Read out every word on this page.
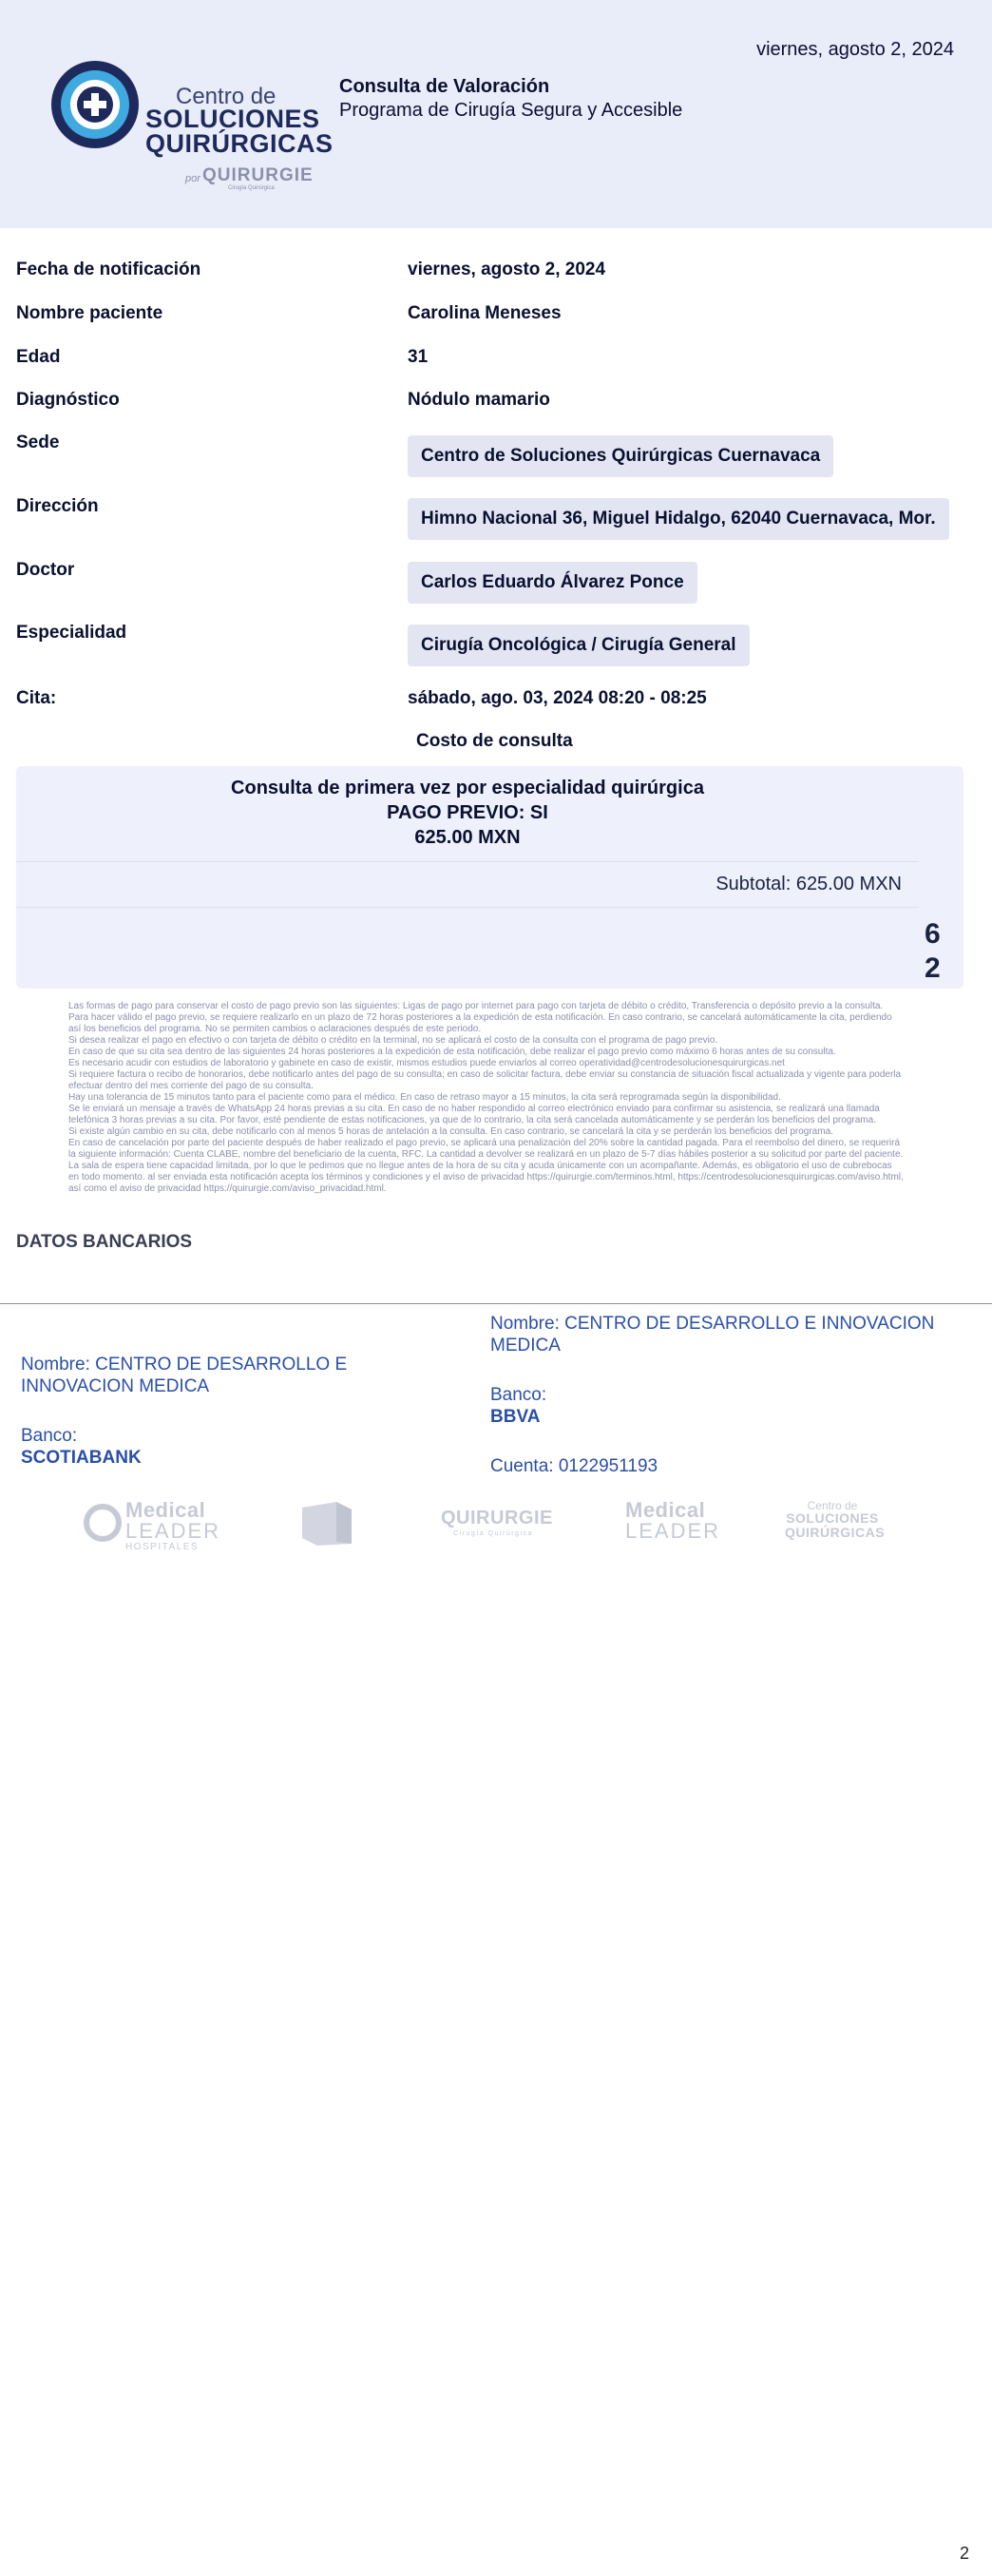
Centro de
SOLUCIONES
QUIRÚRGICAS
por QUIRURGIE
Cirugía Quirúrgica
Consulta de Valoración
Programa de Cirugía Segura y Accesible
viernes, agosto 2, 2024
Fecha de notificación	viernes, agosto 2, 2024
Nombre paciente	Carolina Meneses
Edad	31
Diagnóstico	Nódulo mamario
Sede
Centro de Soluciones Quirúrgicas Cuernavaca
Dirección
Himno Nacional 36, Miguel Hidalgo, 62040 Cuernavaca, Mor.
Doctor
Carlos Eduardo Álvarez Ponce
Especialidad
Cirugía Oncológica / Cirugía General
Cita:	sábado, ago. 03, 2024 08:20 - 08:25
Costo de consulta
Consulta de primera vez por especialidad quirúrgica
PAGO PREVIO: SI
625.00 MXN
Subtotal: 625.00 MXN
6
2

Las formas de pago para conservar el costo de pago previo son las siguientes: Ligas de pago por internet para pago con tarjeta de débito o crédito, Transferencia o depósito previo a la consulta.

Para hacer válido el pago previo, se requiere realizarlo en un plazo de 72 horas posteriores a la expedición de esta notificación. En caso contrario, se cancelará automáticamente la cita, perdiendo así los beneficios del programa. No se permiten cambios o aclaraciones después de este periodo.

Si desea realizar el pago en efectivo o con tarjeta de débito o crédito en la terminal, no se aplicará el costo de la consulta con el programa de pago previo.

En caso de que su cita sea dentro de las siguientes 24 horas posteriores a la expedición de esta notificación, debe realizar el pago previo como máximo 6 horas antes de su consulta.

Es necesario acudir con estudios de laboratorio y gabinete en caso de existir, mismos estudios puede enviarlos al correo operatividad@centrodesolucionesquirurgicas.net

Si requiere factura o recibo de honorarios, debe notificarlo antes del pago de su consulta; en caso de solicitar factura, debe enviar su constancia de situación fiscal actualizada y vigente para poderla efectuar dentro del mes corriente del pago de su consulta.

Hay una tolerancia de 15 minutos tanto para el paciente como para el médico. En caso de retraso mayor a 15 minutos, la cita será reprogramada según la disponibilidad.

Se le enviará un mensaje a través de WhatsApp 24 horas previas a su cita. En caso de no haber respondido al correo electrónico enviado para confirmar su asistencia, se realizará una llamada telefónica 3 horas previas a su cita. Por favor, esté pendiente de estas notificaciones, ya que de lo contrario, la cita será cancelada automáticamente y se perderán los beneficios del programa.

Si existe algún cambio en su cita, debe notificarlo con al menos 5 horas de antelación a la consulta. En caso contrario, se cancelará la cita y se perderán los beneficios del programa.

En caso de cancelación por parte del paciente después de haber realizado el pago previo, se aplicará una penalización del 20% sobre la cantidad pagada. Para el reembolso del dinero, se requerirá la siguiente información: Cuenta CLABE, nombre del beneficiario de la cuenta, RFC. La cantidad a devolver se realizará en un plazo de 5-7 días hábiles posterior a su solicitud por parte del paciente.

La sala de espera tiene capacidad limitada, por lo que le pedimos que no llegue antes de la hora de su cita y acuda únicamente con un acompañante. Además, es obligatorio el uso de cubrebocas en todo momento. al ser enviada esta notificación acepta los términos y condiciones y el aviso de privacidad https://quirurgie.com/terminos.html, https://centrodesolucionesquirurgicas.com/aviso.html, así como el aviso de privacidad https://quirurgie.com/aviso_privacidad.html.

DATOS BANCARIOS
Nombre: CENTRO DE DESARROLLO E INNOVACION MEDICA
Banco:
SCOTIABANK
Nombre: CENTRO DE DESARROLLO E INNOVACION MEDICA
Banco:
BBVA
Cuenta: 0122951193
Medical
LEADER
HOSPITALES
QUIRURGIE
Cirugía Quirúrgica
Medical
LEADER
Centro de
SOLUCIONES
QUIRÚRGICAS
2
